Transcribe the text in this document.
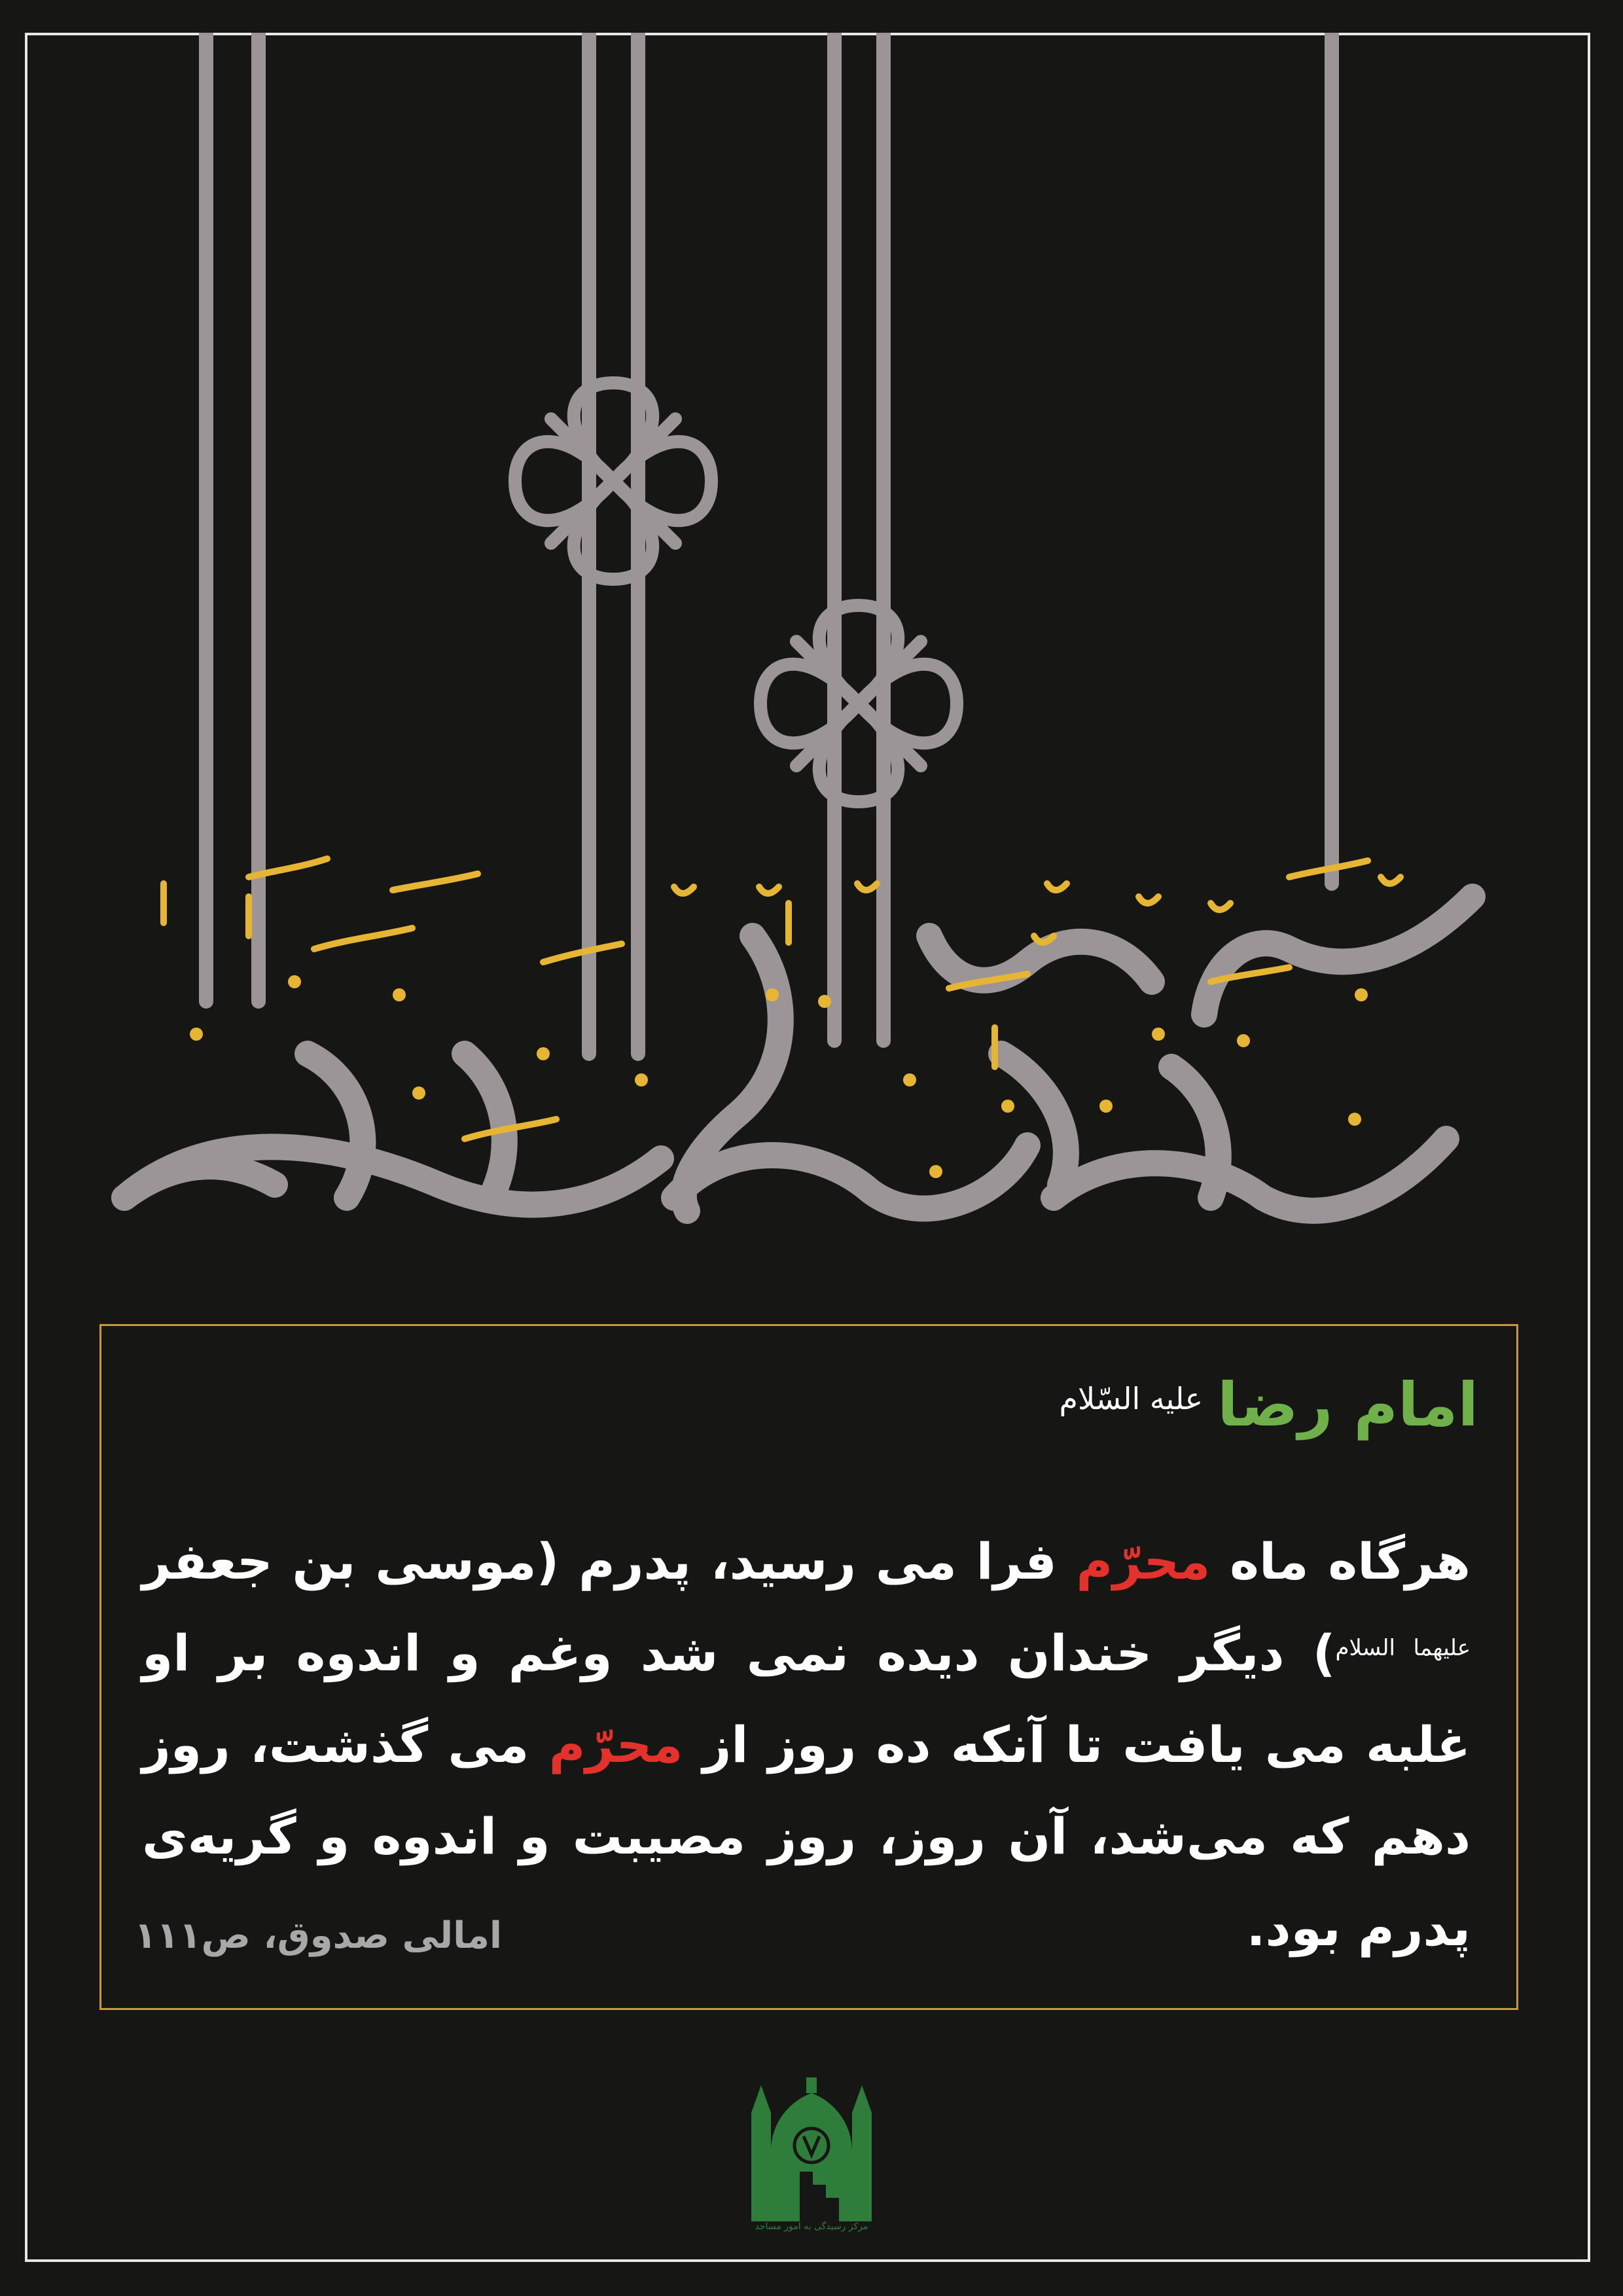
امام رضا
علیه السّلام
هرگاه ماه محرّم فرا می رسید، پدرم (موسی بن جعفر $^{علیهما السلام}$) دیگر خندان دیده نمی شد وغم و اندوه بر او غلبه می یافت تا آنکه ده روز از محرّم می گذشت، روز دهم که می‌شد، آن روز، روز مصیبت و اندوه و گریه‌ی پدرم بود.
امالی صدوق، ص۱۱۱
مرکز رسیدگی به امور مساجد
